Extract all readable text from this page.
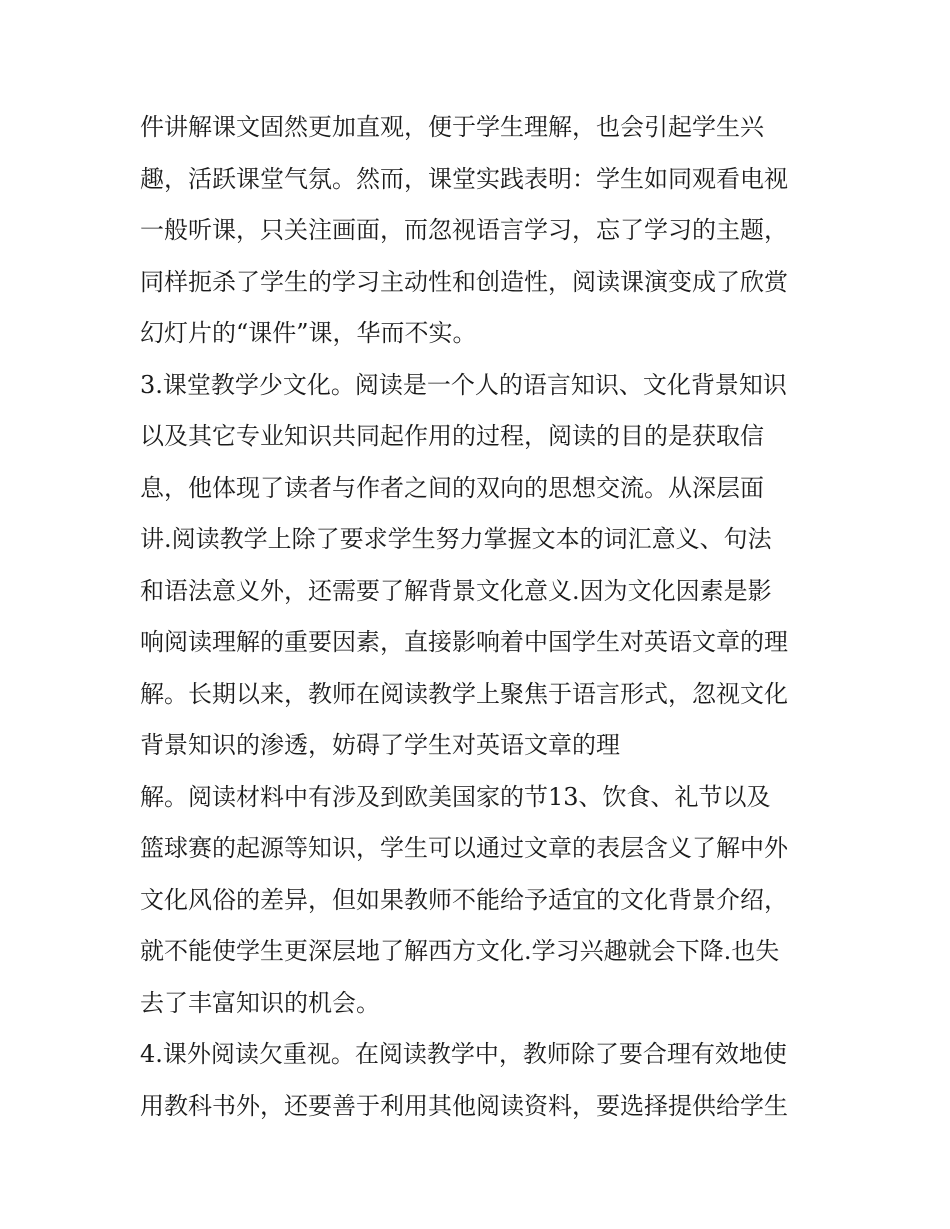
件讲解课文固然更加直观，便于学生理解，也会引起学生兴
趣，活跃课堂气氛。然而，课堂实践表明：学生如同观看电视
一般听课，只关注画面，而忽视语言学习，忘了学习的主题，
同样扼杀了学生的学习主动性和创造性，阅读课演变成了欣赏
幻灯片的“课件”课，华而不实。
3.课堂教学少文化。阅读是一个人的语言知识、文化背景知识
以及其它专业知识共同起作用的过程，阅读的目的是获取信
息，他体现了读者与作者之间的双向的思想交流。从深层面
讲.阅读教学上除了要求学生努力掌握文本的词汇意义、句法
和语法意义外，还需要了解背景文化意义.因为文化因素是影
响阅读理解的重要因素，直接影响着中国学生对英语文章的理
解。长期以来，教师在阅读教学上聚焦于语言形式，忽视文化
背景知识的渗透，妨碍了学生对英语文章的理
解。阅读材料中有涉及到欧美国家的节13、饮食、礼节以及
篮球赛的起源等知识，学生可以通过文章的表层含义了解中外
文化风俗的差异，但如果教师不能给予适宜的文化背景介绍，
就不能使学生更深层地了解西方文化.学习兴趣就会下降.也失
去了丰富知识的机会。
4.课外阅读欠重视。在阅读教学中，教师除了要合理有效地使
用教科书外，还要善于利用其他阅读资料，要选择提供给学生
